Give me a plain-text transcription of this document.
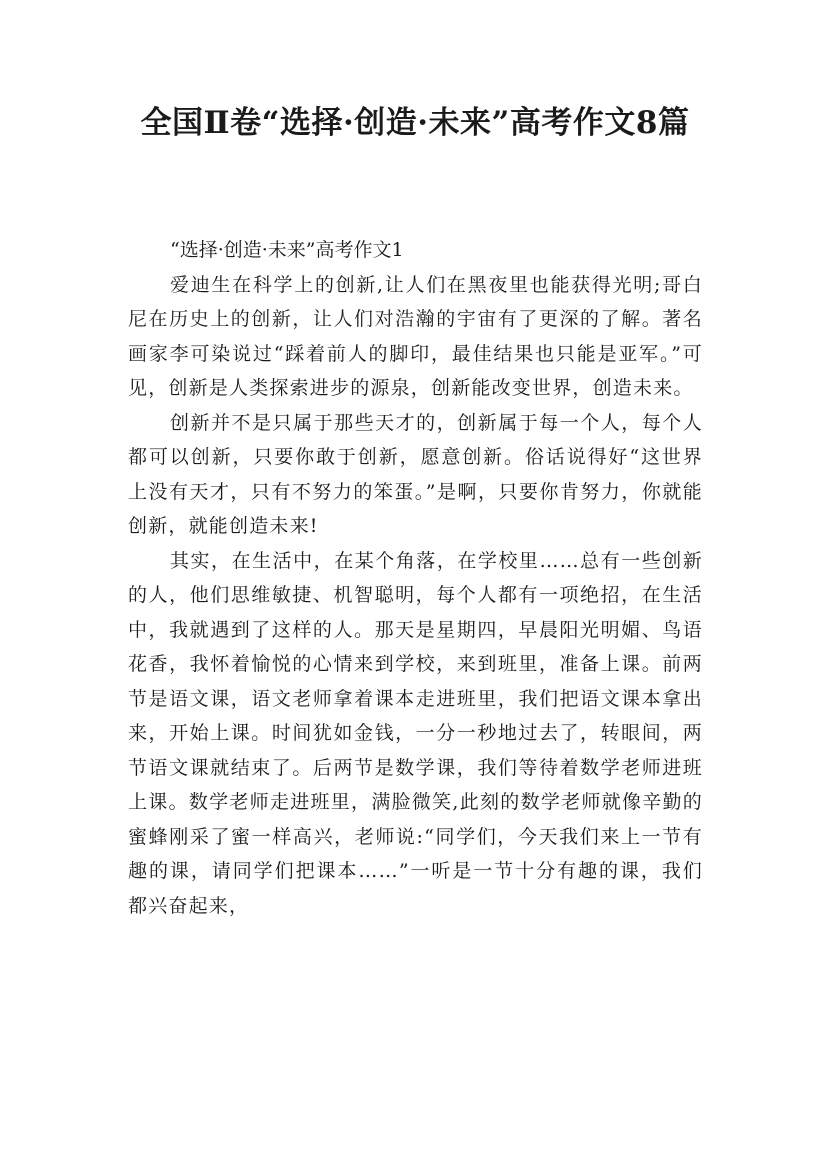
全国Ⅱ卷“选择·创造·未来”高考作文8篇
“选择·创造·未来”高考作文1

爱迪生在科学上的创新,让人们在黑夜里也能获得光明;哥白尼在历史上的创新，让人们对浩瀚的宇宙有了更深的了解。著名画家李可染说过“踩着前人的脚印，最佳结果也只能是亚军。”可见，创新是人类探索进步的源泉，创新能改变世界，创造未来。

创新并不是只属于那些天才的，创新属于每一个人，每个人都可以创新，只要你敢于创新，愿意创新。俗话说得好“这世界上没有天才，只有不努力的笨蛋。”是啊，只要你肯努力，你就能创新，就能创造未来!

其实，在生活中，在某个角落，在学校里……总有一些创新的人，他们思维敏捷、机智聪明，每个人都有一项绝招，在生活中，我就遇到了这样的人。那天是星期四，早晨阳光明媚、鸟语花香，我怀着愉悦的心情来到学校，来到班里，准备上课。前两节是语文课，语文老师拿着课本走进班里，我们把语文课本拿出来，开始上课。时间犹如金钱，一分一秒地过去了，转眼间，两节语文课就结束了。后两节是数学课，我们等待着数学老师进班上课。数学老师走进班里，满脸微笑,此刻的数学老师就像辛勤的蜜蜂刚采了蜜一样高兴，老师说:“同学们，今天我们来上一节有趣的课，请同学们把课本……”一听是一节十分有趣的课，我们都兴奋起来，
